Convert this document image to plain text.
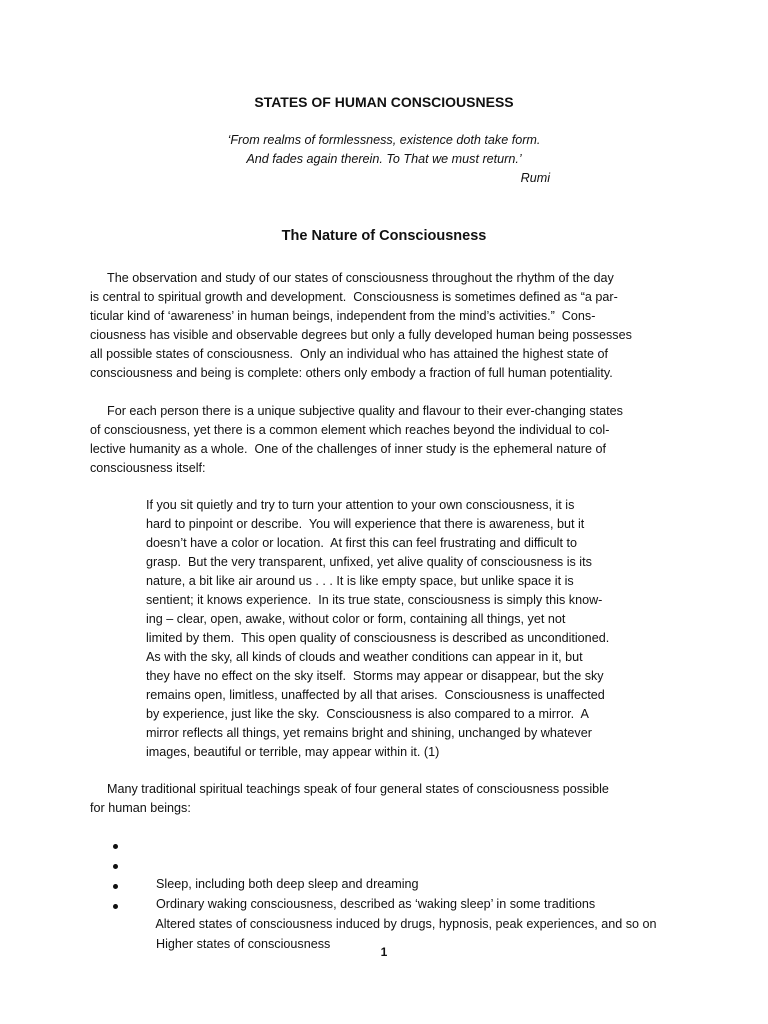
STATES OF HUMAN CONSCIOUSNESS
‘From realms of formlessness, existence doth take form.
And fades again therein. To That we must return.’
Rumi
The Nature of Consciousness
The observation and study of our states of consciousness throughout the rhythm of the day
is central to spiritual growth and development.  Consciousness is sometimes defined as “a par-
ticular kind of ‘awareness’ in human beings, independent from the mind’s activities.”  Cons-
ciousness has visible and observable degrees but only a fully developed human being possesses
all possible states of consciousness.  Only an individual who has attained the highest state of
consciousness and being is complete: others only embody a fraction of full human potentiality.
For each person there is a unique subjective quality and flavour to their ever-changing states
of consciousness, yet there is a common element which reaches beyond the individual to col-
lective humanity as a whole.  One of the challenges of inner study is the ephemeral nature of
consciousness itself:
If you sit quietly and try to turn your attention to your own consciousness, it is
hard to pinpoint or describe.  You will experience that there is awareness, but it
doesn’t have a color or location.  At first this can feel frustrating and difficult to
grasp.  But the very transparent, unfixed, yet alive quality of consciousness is its
nature, a bit like air around us . . . It is like empty space, but unlike space it is
sentient; it knows experience.  In its true state, consciousness is simply this know-
ing – clear, open, awake, without color or form, containing all things, yet not
limited by them.  This open quality of consciousness is described as unconditioned.
As with the sky, all kinds of clouds and weather conditions can appear in it, but
they have no effect on the sky itself.  Storms may appear or disappear, but the sky
remains open, limitless, unaffected by all that arises.  Consciousness is unaffected
by experience, just like the sky.  Consciousness is also compared to a mirror.  A
mirror reflects all things, yet remains bright and shining, unchanged by whatever
images, beautiful or terrible, may appear within it. (1)
Many traditional spiritual teachings speak of four general states of consciousness possible
for human beings:

Sleep, including both deep sleep and dreaming

Ordinary waking consciousness, described as ‘waking sleep’ in some traditions

Altered states of consciousness induced by drugs, hypnosis, peak experiences, and so on

Higher states of consciousness

1
